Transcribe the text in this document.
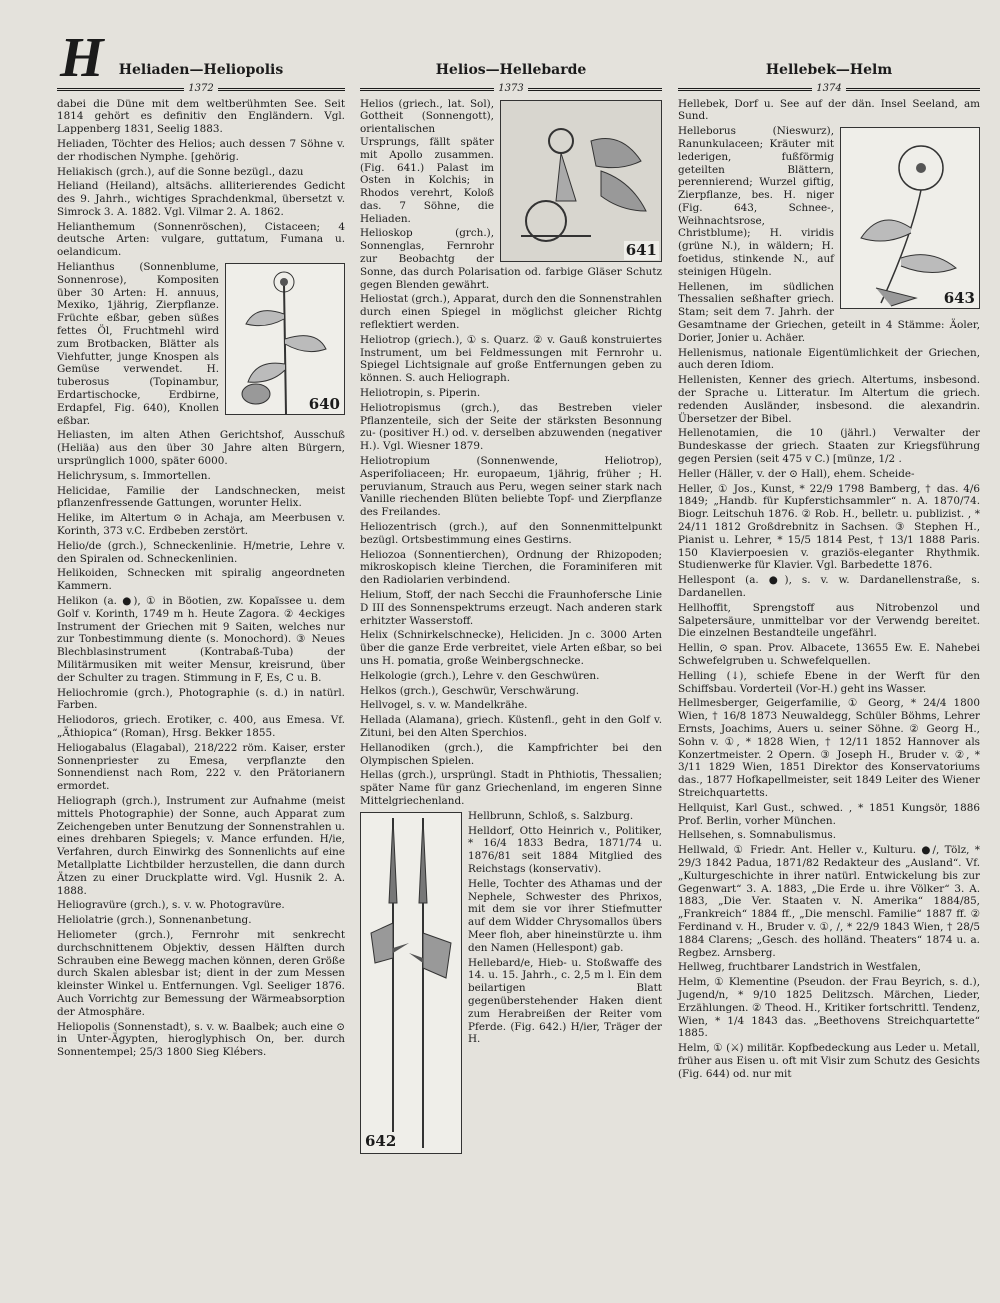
H	Heliaden—Heliopolis
1372

dabei die Düne mit dem weltberühmten See. Seit 1814 gehört es definitiv den Engländern. Vgl. Lappenberg 1831, Seelig 1883.

Heliaden, Töchter des Helios; auch dessen 7 Söhne v. der rhodischen Nymphe. [gehörig.

Heliakisch (grch.), auf die Sonne bezügl., dazu

Heliand (Heiland), altsächs. alliterierendes Gedicht des 9. Jahrh., wichtiges Sprachdenkmal, übersetzt v. Simrock 3. A. 1882. Vgl. Vilmar 2. A. 1862.

Helianthemum (Sonnenröschen), Cistaceen; 4 deutsche Arten: vulgare, guttatum, Fumana u. oelandicum.

640

Helianthus (Sonnenblume, Sonnenrose), Kompositen über 30 Arten: H. annuus, Mexiko, 1jährig, Zierpflanze. Früchte eßbar, geben süßes fettes Öl, Fruchtmehl wird zum Brotbacken, Blätter als Viehfutter, junge Knospen als Gemüse verwendet. H. tuberosus (Topinambur, Erdartischocke, Erdbirne, Erdapfel, Fig. 640), Knollen eßbar.

Heliasten, im alten Athen Gerichtshof, Ausschuß (Heliäa) aus den über 30 Jahre alten Bürgern, ursprünglich 1000, später 6000.

Helichrysum, s. Immortellen.

Helicidae, Familie der Landschnecken, meist pflanzenfressende Gattungen, worunter Helix.

Helike, im Altertum ⊙ in Achaja, am Meerbusen v. Korinth, 373 v.C. Erdbeben zerstört.

Helio/de (grch.), Schneckenlinie. H/metrie, Lehre v. den Spiralen od. Schneckenlinien.

Helikoiden, Schnecken mit spiralig angeordneten Kammern.

Helikon (a. ●), ① in Böotien, zw. Kopaïssee u. dem Golf v. Korinth, 1749 m h. Heute Zagora. ② 4eckiges Instrument der Griechen mit 9 Saiten, welches nur zur Tonbestimmung diente (s. Monochord). ③ Neues Blechblasinstrument (Kontrabaß-Tuba) der Militärmusiken mit weiter Mensur, kreisrund, über der Schulter zu tragen. Stimmung in F, Es, C u. B.

Heliochromie (grch.), Photographie (s. d.) in natürl. Farben.

Heliodoros, griech. Erotiker, c. 400, aus Emesa. Vf. „Äthiopica“ (Roman), Hrsg. Bekker 1855.

Heliogabalus (Elagabal), 218/222 röm. Kaiser, erster Sonnenpriester zu Emesa, verpflanzte den Sonnendienst nach Rom, 222 v. den Prätorianern ermordet.

Heliograph (grch.), Instrument zur Aufnahme (meist mittels Photographie) der Sonne, auch Apparat zum Zeichengeben unter Benutzung der Sonnenstrahlen u. eines drehbaren Spiegels; v. Mance erfunden. H/ie, Verfahren, durch Einwirkg des Sonnenlichts auf eine Metallplatte Lichtbilder herzustellen, die dann durch Ätzen zu einer Druckplatte wird. Vgl. Husnik 2. A. 1888.

Heliogravüre (grch.), s. v. w. Photogravüre.

Heliolatrie (grch.), Sonnenanbetung.

Heliometer (grch.), Fernrohr mit senkrecht durchschnittenem Objektiv, dessen Hälften durch Schrauben eine Bewegg machen können, deren Größe durch Skalen ablesbar ist; dient in der zum Messen kleinster Winkel u. Entfernungen. Vgl. Seeliger 1876. Auch Vorrichtg zur Bemessung der Wärmeabsorption der Atmosphäre.

Heliopolis (Sonnenstadt), s. v. w. Baalbek; auch eine ⊙ in Unter-Ägypten, hieroglyphisch On, ber. durch Sonnentempel; 25/3 1800 Sieg Klébers.

Helios—Hellebarde
1373
641

Helios (griech., lat. Sol), Gottheit (Sonnengott), orientalischen Ursprungs, fällt später mit Apollo zusammen. (Fig. 641.) Palast im Osten in Kolchis; in Rhodos verehrt, Koloß das. 7 Söhne, die Heliaden.

Helioskop (grch.), Sonnenglas, Fernrohr zur Beobachtg der Sonne, das durch Polarisation od. farbige Gläser Schutz gegen Blenden gewährt.

Heliostat (grch.), Apparat, durch den die Sonnenstrahlen durch einen Spiegel in möglichst gleicher Richtg reflektiert werden.

Heliotrop (griech.), ① s. Quarz. ② v. Gauß konstruiertes Instrument, um bei Feldmessungen mit Fernrohr u. Spiegel Lichtsignale auf große Entfernungen geben zu können. S. auch Heliograph.

Heliotropin, s. Piperin.

Heliotropismus (grch.), das Bestreben vieler Pflanzenteile, sich der Seite der stärksten Besonnung zu- (positiver H.) od. v. derselben abzuwenden (negativer H.). Vgl. Wiesner 1879.

Heliotropium (Sonnenwende, Heliotrop), Asperifoliaceen; Hr. europaeum, 1jährig, früher ; H. peruvianum, Strauch aus Peru, wegen seiner stark nach Vanille riechenden Blüten beliebte Topf- und Zierpflanze des Freilandes.

Heliozentrisch (grch.), auf den Sonnenmittelpunkt bezügl. Ortsbestimmung eines Gestirns.

Heliozoa (Sonnentierchen), Ordnung der Rhizopoden; mikroskopisch kleine Tierchen, die Foraminiferen mit den Radiolarien verbindend.

Helium, Stoff, der nach Secchi die Fraunhofersche Linie D III des Sonnenspektrums erzeugt. Nach anderen stark erhitzter Wasserstoff.

Helix (Schnirkelschnecke), Heliciden. Jn c. 3000 Arten über die ganze Erde verbreitet, viele Arten eßbar, so bei uns H. pomatia, große Weinbergschnecke.

Helkologie (grch.), Lehre v. den Geschwüren.

Helkos (grch.), Geschwür, Verschwärung.

Hellvogel, s. v. w. Mandelkrähe.

Hellada (Alamana), griech. Küstenfl., geht in den Golf v. Zituni, bei den Alten Sperchios.

Hellanodiken (grch.), die Kampfrichter bei den Olympischen Spielen.

Hellas (grch.), ursprüngl. Stadt in Phthiotis, Thessalien; später Name für ganz Griechenland, im engeren Sinne Mittelgriechenland.

642

Hellbrunn, Schloß, s. Salzburg.

Helldorf, Otto Heinrich v., Politiker, * 16/4 1833 Bedra, 1871/74 u. 1876/81 seit 1884 Mitglied des Reichstags (konservativ).

Helle, Tochter des Athamas und der Nephele, Schwester des Phrixos, mit dem sie vor ihrer Stiefmutter auf dem Widder Chrysomallos übers Meer floh, aber hineinstürzte u. ihm den Namen (Hellespont) gab.

Hellebard/e, Hieb- u. Stoßwaffe des 14. u. 15. Jahrh., c. 2,5 m l. Ein dem beilartigen Blatt gegenüberstehender Haken dient zum Herabreißen der Reiter vom Pferde. (Fig. 642.) H/ier, Träger der H.

Hellebek—Helm
1374

Hellebek, Dorf u. See auf der dän. Insel Seeland, am Sund.

643

Helleborus (Nieswurz), Ranunkulaceen; Kräuter mit lederigen, fußförmig geteilten Blättern, perennierend; Wurzel giftig, Zierpflanze, bes. H. niger (Fig. 643, Schnee-, Weihnachtsrose, Christblume); H. viridis (grüne N.), in wäldern; H. foetidus, stinkende N., auf steinigen Hügeln.

Hellenen, im südlichen Thessalien seßhafter griech. Stam; seit dem 7. Jahrh. der Gesamtname der Griechen, geteilt in 4 Stämme: Äoler, Dorier, Jonier u. Achäer.

Hellenismus, nationale Eigentümlichkeit der Griechen, auch deren Idiom.

Hellenisten, Kenner des griech. Altertums, insbesond. der Sprache u. Litteratur. Im Altertum die griech. redenden Ausländer, insbesond. die alexandrin. Übersetzer der Bibel.

Hellenotamien, die 10 (jährl.) Verwalter der Bundeskasse der griech. Staaten zur Kriegsführung gegen Persien (seit 475 v C.) [münze, 1/2 .

Heller (Häller, v. der ⊙ Hall), ehem. Scheide-

Heller, ① Jos., Kunst, * 22/9 1798 Bamberg, † das. 4/6 1849; „Handb. für Kupferstichsammler“ n. A. 1870/74. Biogr. Leitschuh 1876. ② Rob. H., belletr. u. publizist. , * 24/11 1812 Großdrebnitz in Sachsen. ③ Stephen H., Pianist u. Lehrer, * 15/5 1814 Pest, † 13/1 1888 Paris. 150 Klavierpoesien v. graziös-eleganter Rhythmik. Studienwerke für Klavier. Vgl. Barbedette 1876.

Hellespont (a. ●), s. v. w. Dardanellenstraße, s. Dardanellen.

Hellhoffit, Sprengstoff aus Nitrobenzol und Salpetersäure, unmittelbar vor der Verwendg bereitet. Die einzelnen Bestandteile ungefährl.

Hellin, ⊙ span. Prov. Albacete, 13655 Ew. E. Nahebei Schwefelgruben u. Schwefelquellen.

Helling (↓), schiefe Ebene in der Werft für den Schiffsbau. Vorderteil (Vor-H.) geht ins Wasser.

Hellmesberger, Geigerfamilie, ① Georg, * 24/4 1800 Wien, † 16/8 1873 Neuwaldegg, Schüler Böhms, Lehrer Ernsts, Joachims, Auers u. seiner Söhne. ② Georg H., Sohn v. ①, * 1828 Wien, † 12/11 1852 Hannover als Konzertmeister. 2 Opern. ③ Joseph H., Bruder v. ②, * 3/11 1829 Wien, 1851 Direktor des Konservatoriums das., 1877 Hofkapellmeister, seit 1849 Leiter des Wiener Streichquartetts.

Hellquist, Karl Gust., schwed. , * 1851 Kungsör, 1886 Prof. Berlin, vorher München.

Hellsehen, s. Somnabulismus.

Hellwald, ① Friedr. Ant. Heller v., Kulturu. ●/, Tölz, * 29/3 1842 Padua, 1871/82 Redakteur des „Ausland“. Vf. „Kulturgeschichte in ihrer natürl. Entwickelung bis zur Gegenwart“ 3. A. 1883, „Die Erde u. ihre Völker“ 3. A. 1883, „Die Ver. Staaten v. N. Amerika“ 1884/85, „Frankreich“ 1884 ff., „Die menschl. Familie“ 1887 ff. ② Ferdinand v. H., Bruder v. ①, /, * 22/9 1843 Wien, † 28/5 1884 Clarens; „Gesch. des holländ. Theaters“ 1874 u. a. Regbez. Arnsberg.

Hellweg, fruchtbarer Landstrich in Westfalen,

Helm, ① Klementine (Pseudon. der Frau Beyrich, s. d.), Jugend/n, * 9/10 1825 Delitzsch. Märchen, Lieder, Erzählungen. ② Theod. H., Kritiker fortschrittl. Tendenz, Wien, * 1/4 1843 das. „Beethovens Streichquartette“ 1885.

Helm, ① (⚔) militär. Kopfbedeckung aus Leder u. Metall, früher aus Eisen u. oft mit Visir zum Schutz des Gesichts (Fig. 644) od. nur mit
